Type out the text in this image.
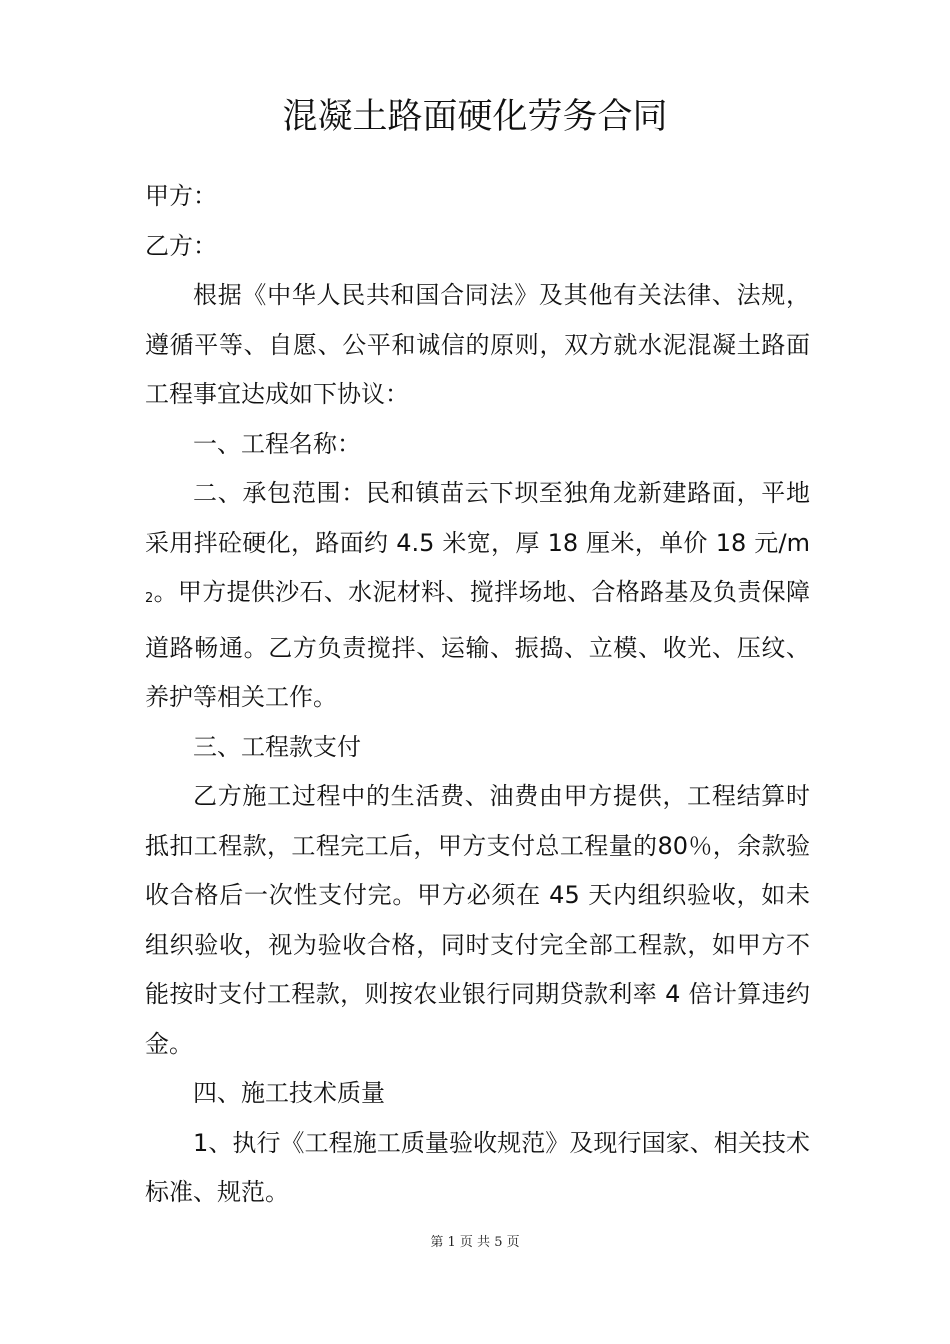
混凝土路面硬化劳务合同

甲方：

乙方：

根据《中华人民共和国合同法》及其他有关法律、法规，遵循平等、自愿、公平和诚信的原则，双方就水泥混凝土路面工程事宜达成如下协议：

一、工程名称：

二、承包范围：民和镇苗云下坝至独角龙新建路面，平地采用拌砼硬化，路面约 4.5 米宽，厚 18 厘米，单价 18 元$/m_2$。甲方提供沙石、水泥材料、搅拌场地、合格路基及负责保障道路畅通。乙方负责搅拌、运输、振捣、立模、收光、压纹、养护等相关工作。

三、工程款支付

乙方施工过程中的生活费、油费由甲方提供，工程结算时抵扣工程款，工程完工后，甲方支付总工程量的80％，余款验收合格后一次性支付完。甲方必须在 45 天内组织验收，如未组织验收，视为验收合格，同时支付完全部工程款，如甲方不能按时支付工程款，则按农业银行同期贷款利率 4 倍计算违约金。

四、施工技术质量

1、执行《工程施工质量验收规范》及现行国家、相关技术标准、规范。

第 1 页 共 5 页
